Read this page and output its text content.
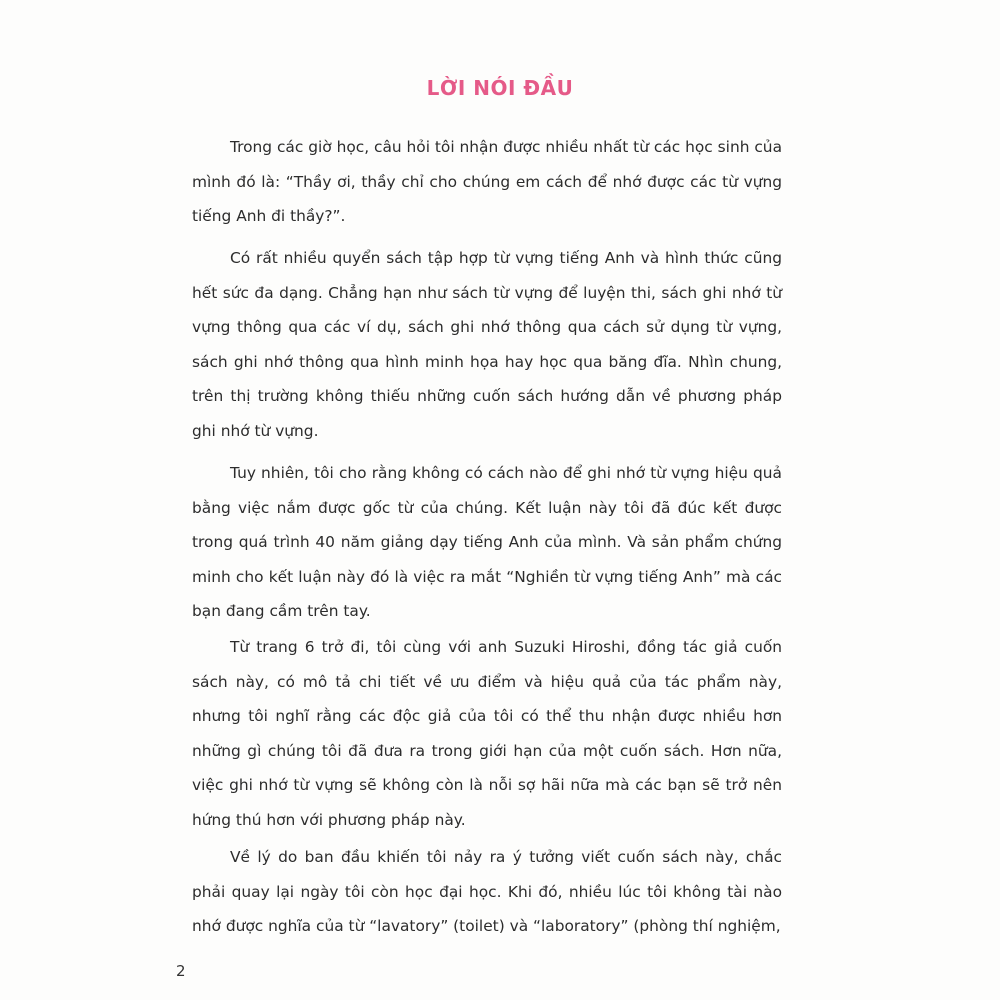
LỜI NÓI ĐẦU

Trong các giờ học, câu hỏi tôi nhận được nhiều nhất từ các học sinh của mình đó là: “Thầy ơi, thầy chỉ cho chúng em cách để nhớ được các từ vựng tiếng Anh đi thầy?”.

Có rất nhiều quyển sách tập hợp từ vựng tiếng Anh và hình thức cũng hết sức đa dạng. Chẳng hạn như sách từ vựng để luyện thi, sách ghi nhớ từ vựng thông qua các ví dụ, sách ghi nhớ thông qua cách sử dụng từ vựng, sách ghi nhớ thông qua hình minh họa hay học qua băng đĩa. Nhìn chung, trên thị trường không thiếu những cuốn sách hướng dẫn về phương pháp ghi nhớ từ vựng.

Tuy nhiên, tôi cho rằng không có cách nào để ghi nhớ từ vựng hiệu quả bằng việc nắm được gốc từ của chúng. Kết luận này tôi đã đúc kết được trong quá trình 40 năm giảng dạy tiếng Anh của mình. Và sản phẩm chứng minh cho kết luận này đó là việc ra mắt “Nghiền từ vựng tiếng Anh” mà các bạn đang cầm trên tay.

Từ trang 6 trở đi, tôi cùng với anh Suzuki Hiroshi, đồng tác giả cuốn sách này, có mô tả chi tiết về ưu điểm và hiệu quả của tác phẩm này, nhưng tôi nghĩ rằng các độc giả của tôi có thể thu nhận được nhiều hơn những gì chúng tôi đã đưa ra trong giới hạn của một cuốn sách. Hơn nữa, việc ghi nhớ từ vựng sẽ không còn là nỗi sợ hãi nữa mà các bạn sẽ trở nên hứng thú hơn với phương pháp này.

Về lý do ban đầu khiến tôi nảy ra ý tưởng viết cuốn sách này, chắc phải quay lại ngày tôi còn học đại học. Khi đó, nhiều lúc tôi không tài nào nhớ được nghĩa của từ “lavatory” (toilet) và “laboratory” (phòng thí nghiệm,

2
